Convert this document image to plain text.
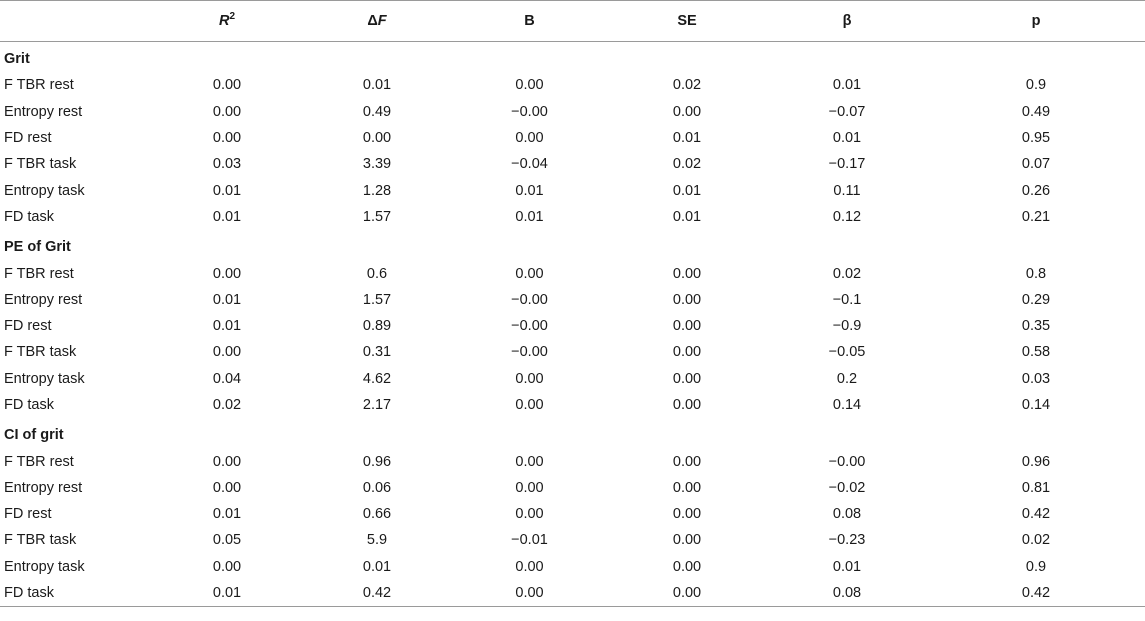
	$R^2$	ΔF	B	SE	β	p
Grit						
F TBR rest	0.00	0.01	0.00	0.02	0.01	0.9
Entropy rest	0.00	0.49	−0.00	0.00	−0.07	0.49
FD rest	0.00	0.00	0.00	0.01	0.01	0.95
F TBR task	0.03	3.39	−0.04	0.02	−0.17	0.07
Entropy task	0.01	1.28	0.01	0.01	0.11	0.26
FD task	0.01	1.57	0.01	0.01	0.12	0.21
PE of Grit						
F TBR rest	0.00	0.6	0.00	0.00	0.02	0.8
Entropy rest	0.01	1.57	−0.00	0.00	−0.1	0.29
FD rest	0.01	0.89	−0.00	0.00	−0.9	0.35
F TBR task	0.00	0.31	−0.00	0.00	−0.05	0.58
Entropy task	0.04	4.62	0.00	0.00	0.2	0.03
FD task	0.02	2.17	0.00	0.00	0.14	0.14
CI of grit						
F TBR rest	0.00	0.96	0.00	0.00	−0.00	0.96
Entropy rest	0.00	0.06	0.00	0.00	−0.02	0.81
FD rest	0.01	0.66	0.00	0.00	0.08	0.42
F TBR task	0.05	5.9	−0.01	0.00	−0.23	0.02
Entropy task	0.00	0.01	0.00	0.00	0.01	0.9
FD task	0.01	0.42	0.00	0.00	0.08	0.42
